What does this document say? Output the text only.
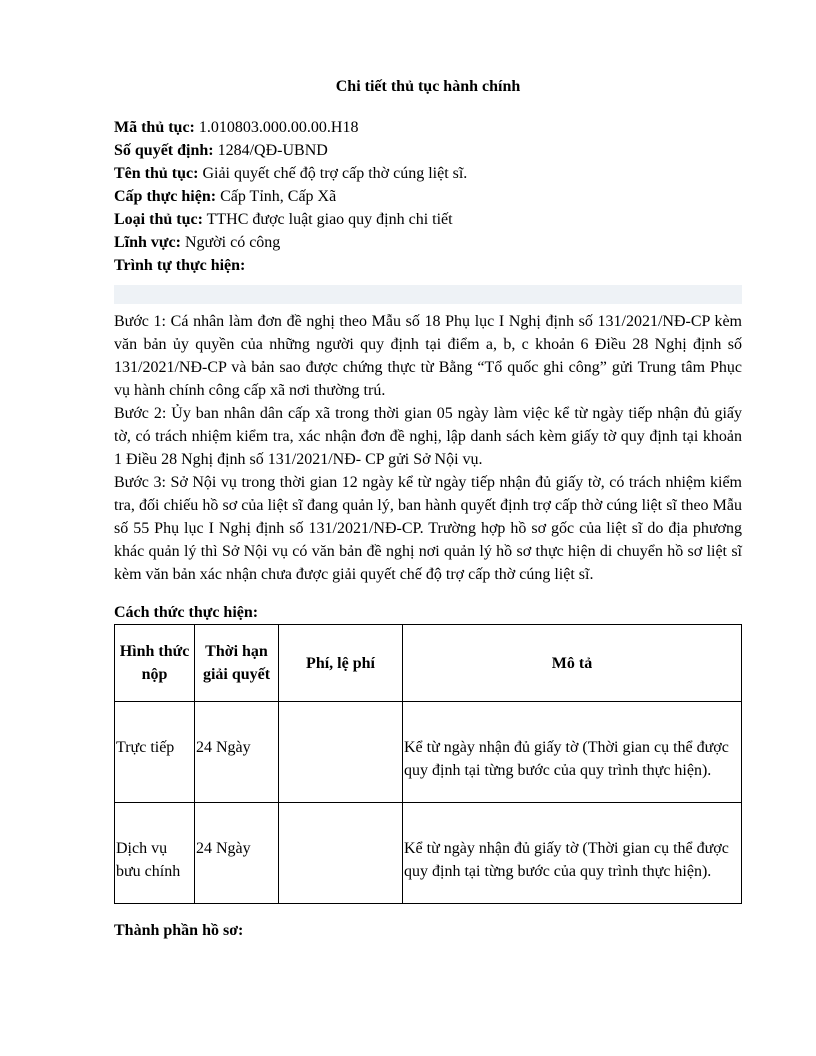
Chi tiết thủ tục hành chính

Mã thủ tục: 1.010803.000.00.00.H18

Số quyết định: 1284/QĐ-UBND

Tên thủ tục: Giải quyết chế độ trợ cấp thờ cúng liệt sĩ.

Cấp thực hiện: Cấp Tỉnh, Cấp Xã

Loại thủ tục: TTHC được luật giao quy định chi tiết

Lĩnh vực: Người có công

Trình tự thực hiện:

Bước 1: Cá nhân làm đơn đề nghị theo Mẫu số 18 Phụ lục I Nghị định số 131/2021/NĐ-CP kèm văn bản ủy quyền của những người quy định tại điểm a, b, c khoản 6 Điều 28 Nghị định số 131/2021/NĐ-CP và bản sao được chứng thực từ Bằng “Tổ quốc ghi công” gửi Trung tâm Phục vụ hành chính công cấp xã nơi thường trú.

Bước 2: Ủy ban nhân dân cấp xã trong thời gian 05 ngày làm việc kể từ ngày tiếp nhận đủ giấy tờ, có trách nhiệm kiểm tra, xác nhận đơn đề nghị, lập danh sách kèm giấy tờ quy định tại khoản 1 Điều 28 Nghị định số 131/2021/NĐ- CP gửi Sở Nội vụ.

Bước 3: Sở Nội vụ trong thời gian 12 ngày kể từ ngày tiếp nhận đủ giấy tờ, có trách nhiệm kiểm tra, đối chiếu hồ sơ của liệt sĩ đang quản lý, ban hành quyết định trợ cấp thờ cúng liệt sĩ theo Mẫu số 55 Phụ lục I Nghị định số 131/2021/NĐ-CP. Trường hợp hồ sơ gốc của liệt sĩ do địa phương khác quản lý thì Sở Nội vụ có văn bản đề nghị nơi quản lý hồ sơ thực hiện di chuyển hồ sơ liệt sĩ kèm văn bản xác nhận chưa được giải quyết chế độ trợ cấp thờ cúng liệt sĩ.

Cách thức thực hiện:

Hình thức nộp	Thời hạn giải quyết	Phí, lệ phí	Mô tả

Trực tiếp	24 Ngày		Kể từ ngày nhận đủ giấy tờ (Thời gian cụ thể được quy định tại từng bước của quy trình thực hiện).

Dịch vụ bưu chính	24 Ngày		Kể từ ngày nhận đủ giấy tờ (Thời gian cụ thể được quy định tại từng bước của quy trình thực hiện).

Thành phần hồ sơ:
